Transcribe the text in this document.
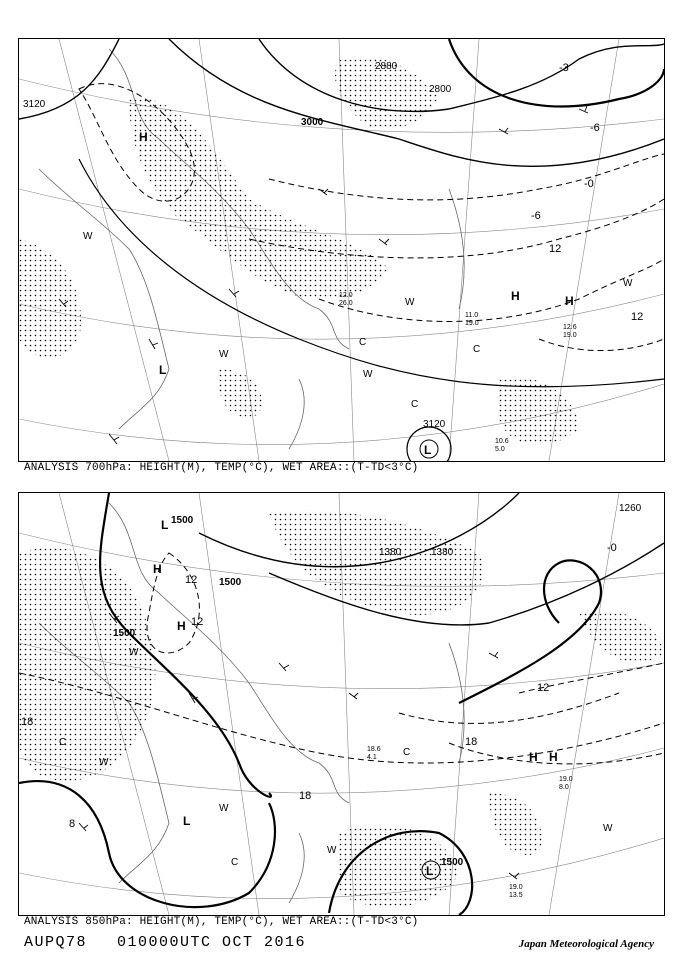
3120
3000
2880
2800
3120
-3
-6
-0
-6
12
12
H
H	H
L
L
W
W
W
W
W
C
C
C
10.6
5.0
11.0
19.0
12.6
19.0
12.0
26.0
ANALYSIS 700hPa: HEIGHT(M), TEMP(°C), WET AREA::(T-TD<3°C)
1500
1500
1500
1500
1380	1380
1260
12
12
18
18
18
12
-0
8
H
H
H H
L
L
L
W
W
W
W
W
C
C
C
19.0
8.0
19.0
13.5
18.6
4.1
ANALYSIS 850hPa: HEIGHT(M), TEMP(°C), WET AREA::(T-TD<3°C)
AUPQ78 010000UTC OCT 2016	Japan Meteorological Agency
